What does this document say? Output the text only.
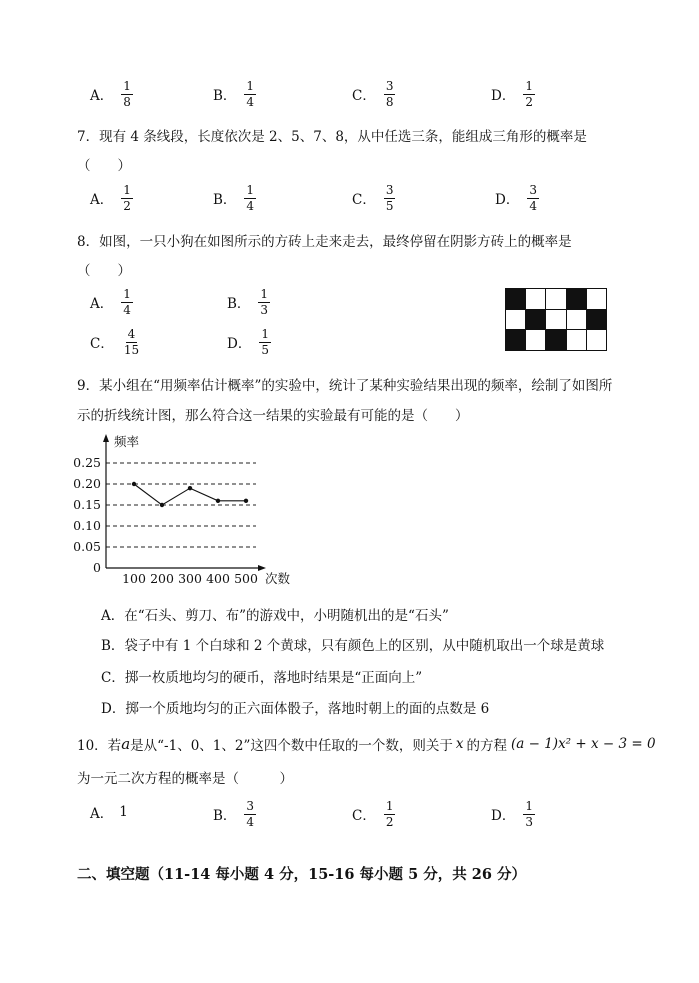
A． $\frac{1}{8}$	B． $\frac{1}{4}$	C． $\frac{3}{8}$	D． $\frac{1}{2}$
7．现有 4 条线段，长度依次是 2、5、7、8，从中任选三条，能组成三角形的概率是
（　　）
A． $\frac{1}{2}$	B． $\frac{1}{4}$	C． $\frac{3}{5}$	D． $\frac{3}{4}$
8．如图，一只小狗在如图所示的方砖上走来走去，最终停留在阴影方砖上的概率是
（　　）
A． $\frac{1}{4}$	B． $\frac{1}{3}$
C． $\frac{4}{15}$	D． $\frac{1}{5}$
9．某小组在“用频率估计概率”的实验中，统计了某种实验结果出现的频率，绘制了如图所
示的折线统计图，那么符合这一结果的实验最有可能的是（　　）
0.25
0.20
0.15
0.10
0.05
0
100 200 300 400 500
频率
次数
A．在“石头、剪刀、布”的游戏中，小明随机出的是“石头”
B．袋子中有 1 个白球和 2 个黄球，只有颜色上的区别，从中随机取出一个球是黄球
C．掷一枚质地均匀的硬币，落地时结果是“正面向上”
D．掷一个质地均匀的正六面体骰子，落地时朝上的面的点数是 6
10．若 a 是从“-1、0、1、2”这四个数中任取的一个数，则关于 x 的方程 (a − 1)x² + x − 3 = 0
为一元二次方程的概率是（　　　）
A． 1	B． $\frac{3}{4}$	C． $\frac{1}{2}$	D． $\frac{1}{3}$
二、填空题（11-14 每小题 4 分，15-16 每小题 5 分，共 26 分）
